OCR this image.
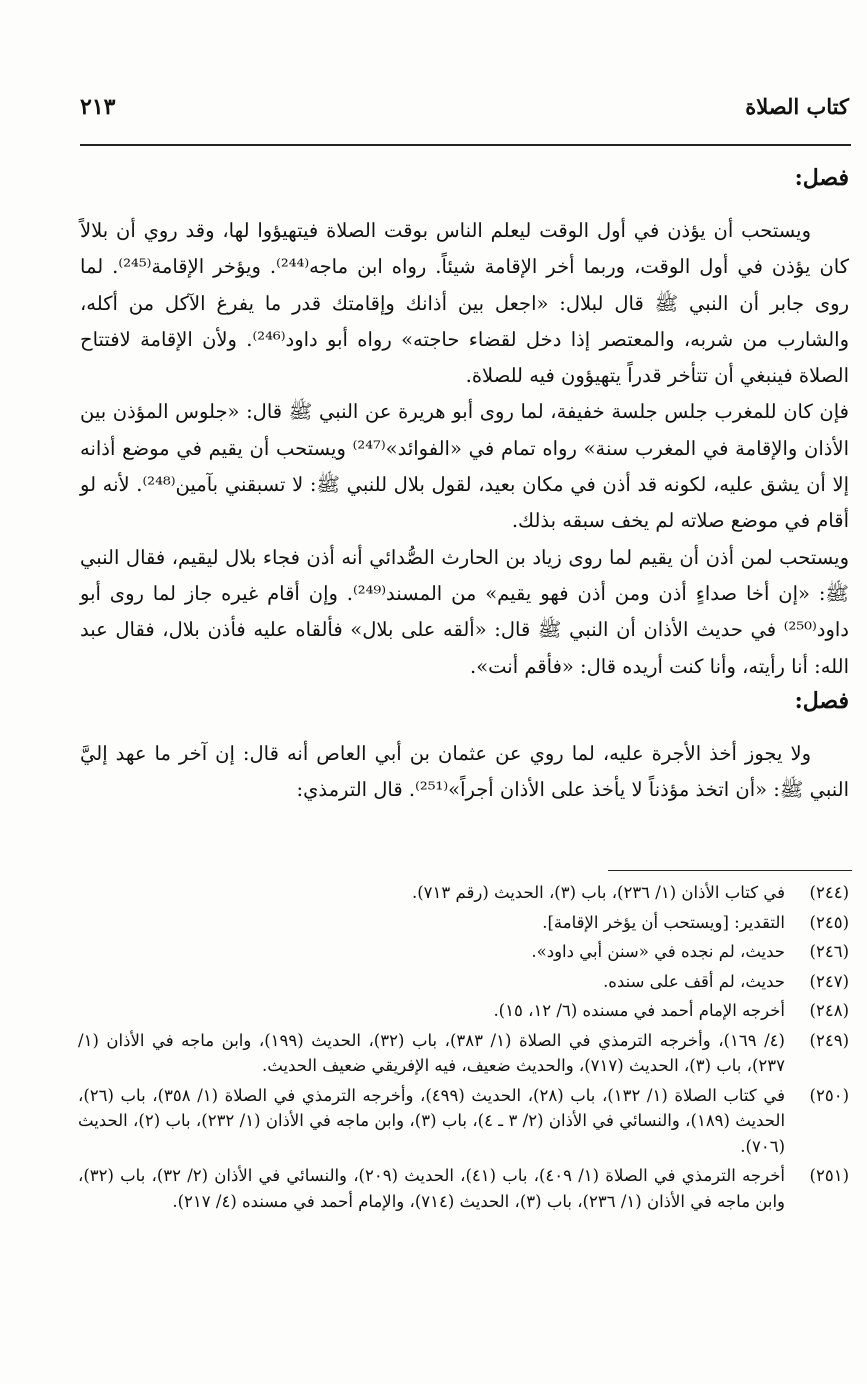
كتاب الصلاة
٢١٣
فصل:

ويستحب أن يؤذن في أول الوقت ليعلم الناس بوقت الصلاة فيتهيؤوا لها، وقد روي أن بلالاً كان يؤذن في أول الوقت، وربما أخر الإقامة شيئاً. رواه ابن ماجه⁽²⁴⁴⁾. ويؤخر الإقامة⁽²⁴⁵⁾. لما روى جابر أن النبي ﷺ قال لبلال: «اجعل بين أذانك وإقامتك قدر ما يفرغ الآكل من أكله، والشارب من شربه، والمعتصر إذا دخل لقضاء حاجته» رواه أبو داود⁽²⁴⁶⁾. ولأن الإقامة لافتتاح الصلاة فينبغي أن تتأخر قدراً يتهيؤون فيه للصلاة.

فإن كان للمغرب جلس جلسة خفيفة، لما روى أبو هريرة عن النبي ﷺ قال: «جلوس المؤذن بين الأذان والإقامة في المغرب سنة» رواه تمام في «الفوائد»⁽²⁴⁷⁾ ويستحب أن يقيم في موضع أذانه إلا أن يشق عليه، لكونه قد أذن في مكان بعيد، لقول بلال للنبي ﷺ: لا تسبقني بآمين⁽²⁴⁸⁾. لأنه لو أقام في موضع صلاته لم يخف سبقه بذلك.

ويستحب لمن أذن أن يقيم لما روى زياد بن الحارث الصُّدائي أنه أذن فجاء بلال ليقيم، فقال النبي ﷺ: «إن أخا صداءٍ أذن ومن أذن فهو يقيم» من المسند⁽²⁴⁹⁾. وإن أقام غيره جاز لما روى أبو داود⁽²⁵⁰⁾ في حديث الأذان أن النبي ﷺ قال: «ألقه على بلال» فألقاه عليه فأذن بلال، فقال عبد الله: أنا رأيته، وأنا كنت أريده قال: «فأقم أنت».

فصل:

ولا يجوز أخذ الأجرة عليه، لما روي عن عثمان بن أبي العاص أنه قال: إن آخر ما عهد إليَّ النبي ﷺ: «أن اتخذ مؤذناً لا يأخذ على الأذان أجراً»⁽²⁵¹⁾. قال الترمذي:

(٢٤٤)
في كتاب الأذان (١/ ٢٣٦)، باب (٣)، الحديث (رقم ٧١٣).
(٢٤٥)
التقدير: [ويستحب أن يؤخر الإقامة].
(٢٤٦)
حديث، لم نجده في «سنن أبي داود».
(٢٤٧)
حديث، لم أقف على سنده.
(٢٤٨)
أخرجه الإمام أحمد في مسنده (٦/ ١٢، ١٥).
(٢٤٩)
(٤/ ١٦٩)، وأخرجه الترمذي في الصلاة (١/ ٣٨٣)، باب (٣٢)، الحديث (١٩٩)، وابن ماجه في الأذان (١/ ٢٣٧)، باب (٣)، الحديث (٧١٧)، والحديث ضعيف، فيه الإفريقي ضعيف الحديث.
(٢٥٠)
في كتاب الصلاة (١/ ١٣٢)، باب (٢٨)، الحديث (٤٩٩)، وأخرجه الترمذي في الصلاة (١/ ٣٥٨)، باب (٢٦)، الحديث (١٨٩)، والنسائي في الأذان (٢/ ٣ ـ ٤)، باب (٣)، وابن ماجه في الأذان (١/ ٢٣٢)، باب (٢)، الحديث (٧٠٦).
(٢٥١)
أخرجه الترمذي في الصلاة (١/ ٤٠٩)، باب (٤١)، الحديث (٢٠٩)، والنسائي في الأذان (٢/ ٣٢)، باب (٣٢)، وابن ماجه في الأذان (١/ ٢٣٦)، باب (٣)، الحديث (٧١٤)، والإمام أحمد في مسنده (٤/ ٢١٧).
